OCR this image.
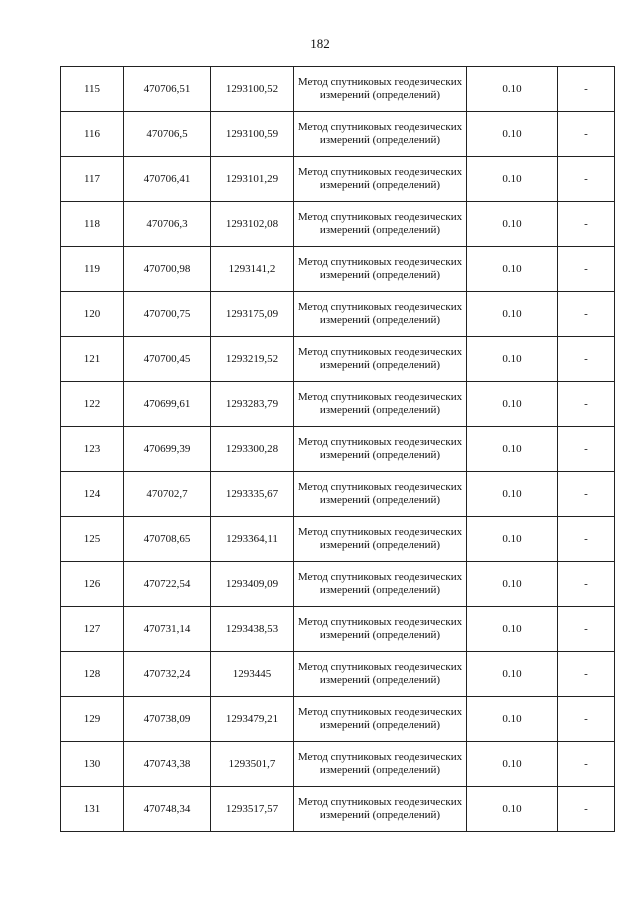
182
115	470706,51	1293100,52	Метод спутниковых геодезических измерений (определений)	0.10	-
116	470706,5	1293100,59	Метод спутниковых геодезических измерений (определений)	0.10	-
117	470706,41	1293101,29	Метод спутниковых геодезических измерений (определений)	0.10	-
118	470706,3	1293102,08	Метод спутниковых геодезических измерений (определений)	0.10	-
119	470700,98	1293141,2	Метод спутниковых геодезических измерений (определений)	0.10	-
120	470700,75	1293175,09	Метод спутниковых геодезических измерений (определений)	0.10	-
121	470700,45	1293219,52	Метод спутниковых геодезических измерений (определений)	0.10	-
122	470699,61	1293283,79	Метод спутниковых геодезических измерений (определений)	0.10	-
123	470699,39	1293300,28	Метод спутниковых геодезических измерений (определений)	0.10	-
124	470702,7	1293335,67	Метод спутниковых геодезических измерений (определений)	0.10	-
125	470708,65	1293364,11	Метод спутниковых геодезических измерений (определений)	0.10	-
126	470722,54	1293409,09	Метод спутниковых геодезических измерений (определений)	0.10	-
127	470731,14	1293438,53	Метод спутниковых геодезических измерений (определений)	0.10	-
128	470732,24	1293445	Метод спутниковых геодезических измерений (определений)	0.10	-
129	470738,09	1293479,21	Метод спутниковых геодезических измерений (определений)	0.10	-
130	470743,38	1293501,7	Метод спутниковых геодезических измерений (определений)	0.10	-
131	470748,34	1293517,57	Метод спутниковых геодезических измерений (определений)	0.10	-
